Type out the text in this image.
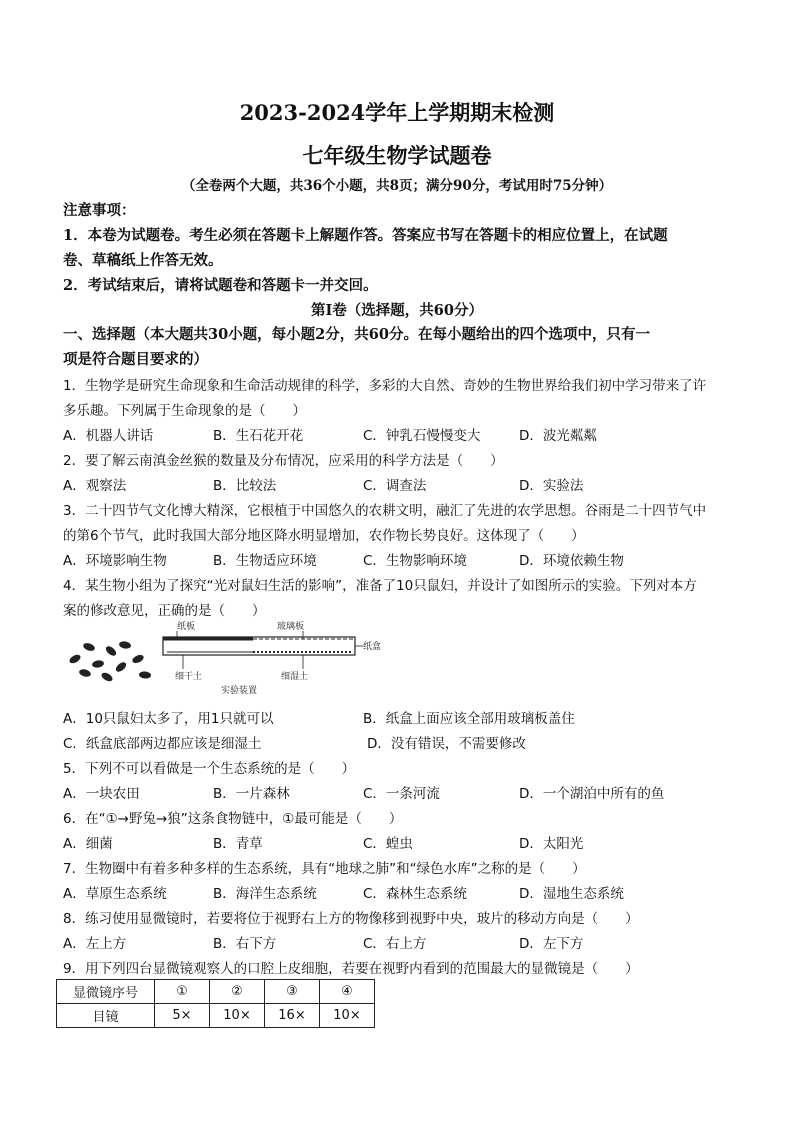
2023-2024学年上学期期末检测
七年级生物学试题卷
（全卷两个大题，共36个小题，共8页；满分90分，考试用时75分钟）
注意事项：
1．本卷为试题卷。考生必须在答题卡上解题作答。答案应书写在答题卡的相应位置上，在试题
卷、草稿纸上作答无效。
2．考试结束后，请将试题卷和答题卡一并交回。
第Ⅰ卷（选择题，共60分）
一、选择题（本大题共30小题，每小题2分，共60分。在每小题给出的四个选项中，只有一
项是符合题目要求的）
1．生物学是研究生命现象和生命活动规律的科学，多彩的大自然、奇妙的生物世界给我们初中学习带来了许
多乐趣。下列属于生命现象的是（　　）
A．机器人讲话	B．生石花开花	C．钟乳石慢慢变大	D．波光粼粼
2．要了解云南滇金丝猴的数量及分布情况，应采用的科学方法是（　　）
A．观察法	B．比较法	C．调查法	D．实验法
3．二十四节气文化博大精深，它根植于中国悠久的农耕文明，融汇了先进的农学思想。谷雨是二十四节气中
的第6个节气，此时我国大部分地区降水明显增加，农作物长势良好。这体现了（　　）
A．环境影响生物	B．生物适应环境	C．生物影响环境	D．环境依赖生物
4．某生物小组为了探究“光对鼠妇生活的影响”，准备了10只鼠妇，并设计了如图所示的实验。下列对本方
案的修改意见，正确的是（　　）
纸板	玻璃板
纸盒
细干土	细湿土
实验装置
A．10只鼠妇太多了，用1只就可以	B．纸盒上面应该全部用玻璃板盖住
C．纸盒底部两边都应该是细湿土	D．没有错误，不需要修改
5．下列不可以看做是一个生态系统的是（　　）
A．一块农田	B．一片森林	C．一条河流	D．一个湖泊中所有的鱼
6．在“①→野兔→狼”这条食物链中，①最可能是（　　）
A．细菌	B．青草	C．蝗虫	D．太阳光
7．生物圈中有着多种多样的生态系统，具有“地球之肺”和“绿色水库”之称的是（　　）
A．草原生态系统	B．海洋生态系统	C．森林生态系统	D．湿地生态系统
8．练习使用显微镜时，若要将位于视野右上方的物像移到视野中央，玻片的移动方向是（　　）
A．左上方	B．右下方	C．右上方	D．左下方
9．用下列四台显微镜观察人的口腔上皮细胞，若要在视野内看到的范围最大的显微镜是（　　）
显微镜序号	①	②	③	④
目镜	5×	10×	16×	10×
